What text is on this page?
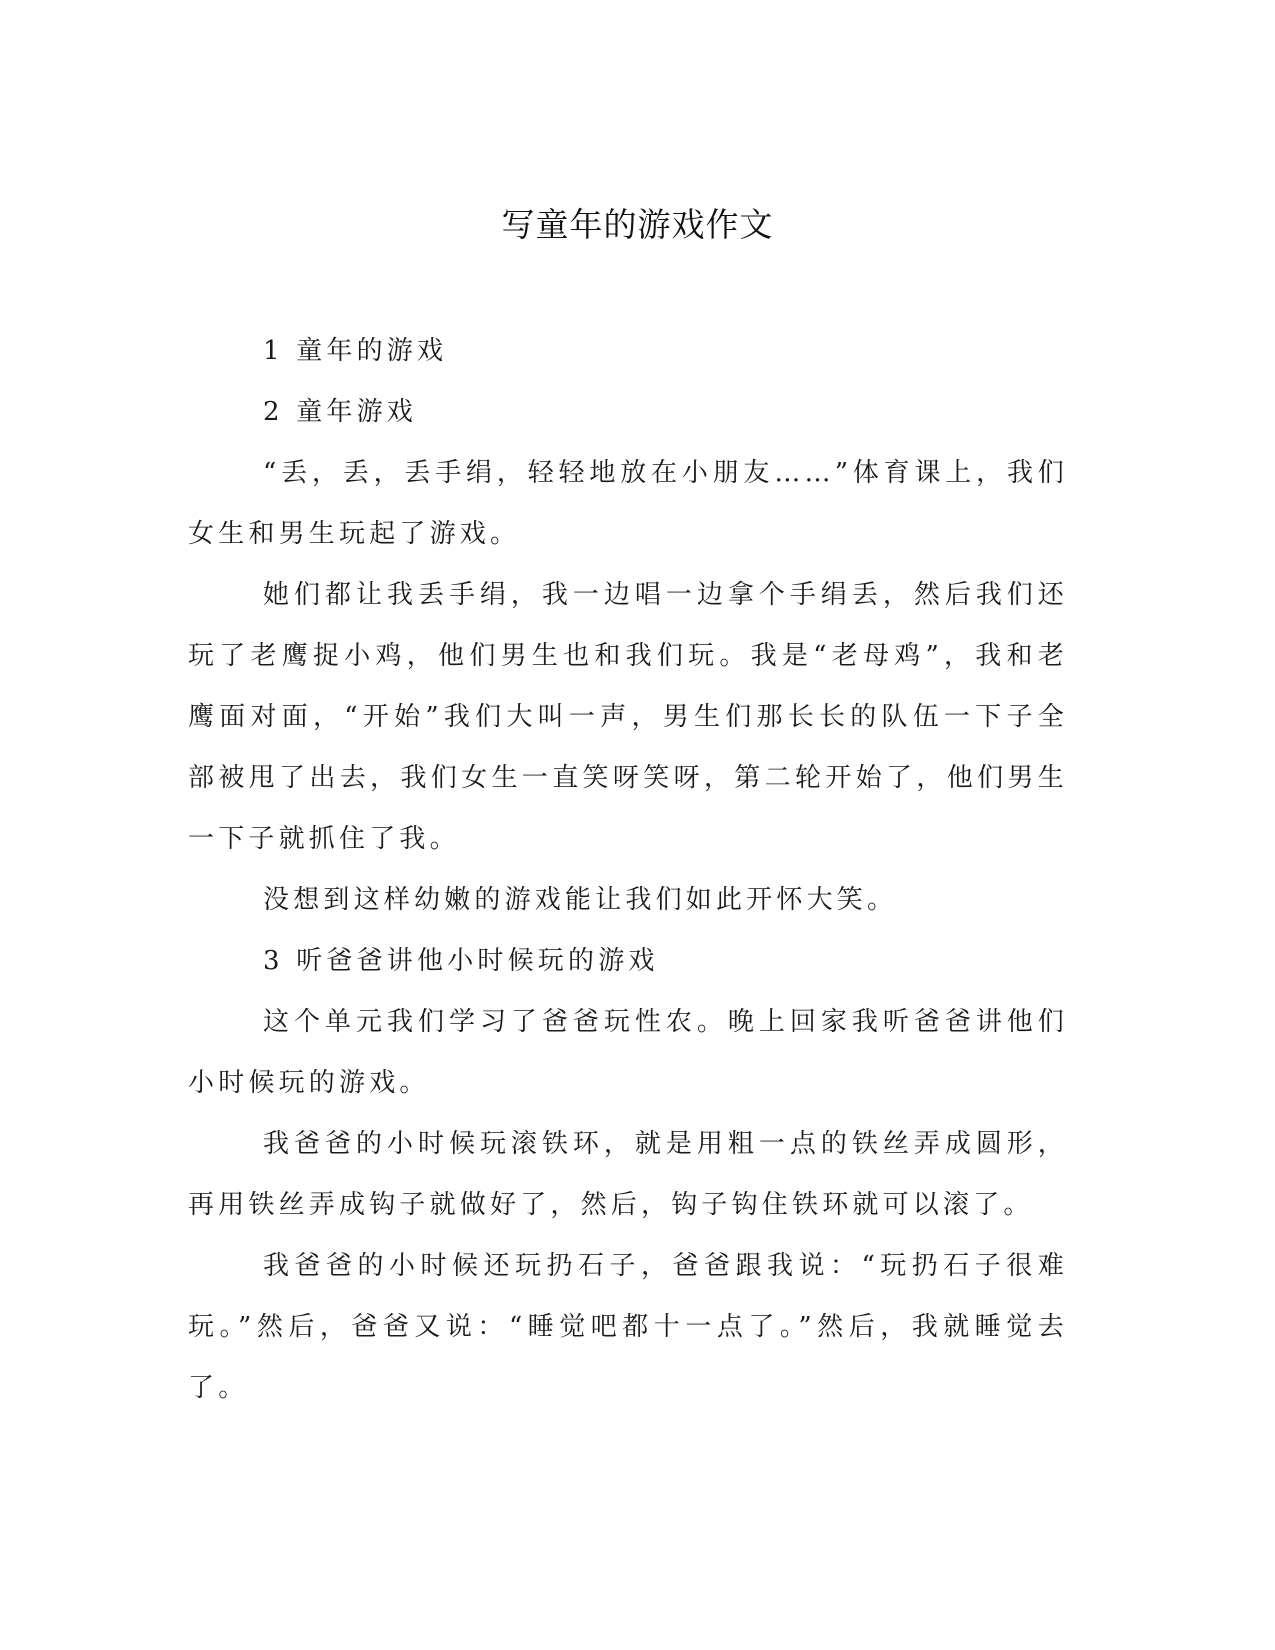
写童年的游戏作文

1 童年的游戏

2 童年游戏

“丢，丢，丢手绢，轻轻地放在小朋友……”体育课上，我们女生和男生玩起了游戏。

她们都让我丢手绢，我一边唱一边拿个手绢丢，然后我们还玩了老鹰捉小鸡，他们男生也和我们玩。我是“老母鸡”，我和老鹰面对面，“开始”我们大叫一声，男生们那长长的队伍一下子全部被甩了出去，我们女生一直笑呀笑呀，第二轮开始了，他们男生一下子就抓住了我。

没想到这样幼嫩的游戏能让我们如此开怀大笑。

3 听爸爸讲他小时候玩的游戏

这个单元我们学习了爸爸玩性农。晚上回家我听爸爸讲他们小时候玩的游戏。

我爸爸的小时候玩滚铁环，就是用粗一点的铁丝弄成圆形，再用铁丝弄成钩子就做好了，然后，钩子钩住铁环就可以滚了。

我爸爸的小时候还玩扔石子，爸爸跟我说：“玩扔石子很难玩。”然后，爸爸又说：“睡觉吧都十一点了。”然后，我就睡觉去了。
